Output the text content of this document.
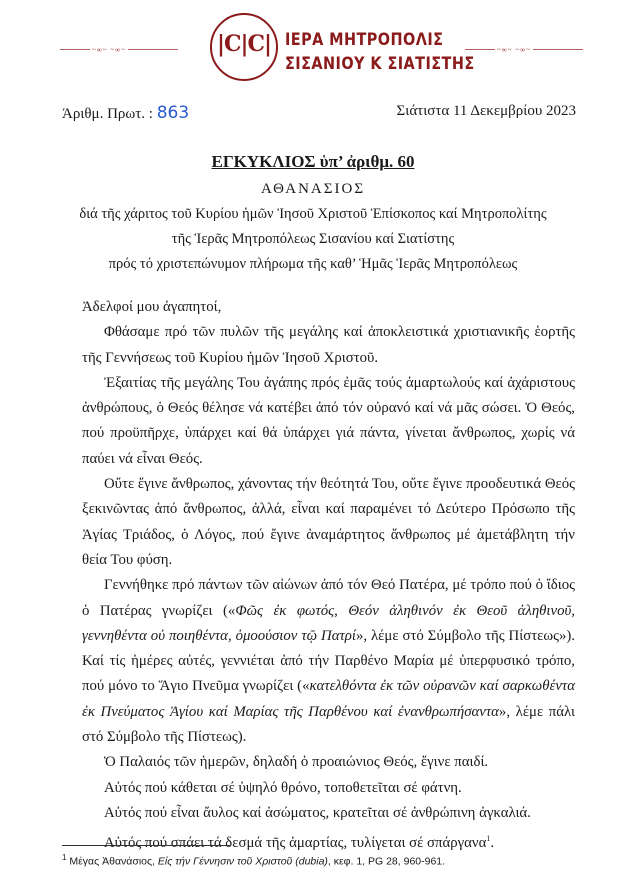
~∞~ ~∞~	~∞~ ~∞~
|C|C| ΙΕΡΑ ΜΗΤΡΟΠΟΛΙΣ
ΣΙΣΑΝΙΟΥ Κ ΣΙΑΤΙΣΤΗΣ
Άριθμ. Πρωτ. : 863	Σιάτιστα 11 Δεκεμβρίου 2023
ΕΓΚΥΚΛΙΟΣ ὑπ’ ἀριθμ. 60
ΑΘΑΝΑΣΙΟΣ
διά τῆς χάριτος τοῦ Κυρίου ἡμῶν Ἰησοῦ Χριστοῦ Ἐπίσκοπος καί Μητροπολίτης
τῆς Ἱερᾶς Μητροπόλεως Σισανίου καί Σιατίστης
πρός τό χριστεπώνυμον πλήρωμα τῆς καθ’ Ἡμᾶς Ἱερᾶς Μητροπόλεως

Ἀδελφοί μου ἀγαπητοί,

Φθάσαμε πρό τῶν πυλῶν τῆς μεγάλης καί ἀποκλειστικά χριστιανικῆς ἑορτῆς τῆς Γεννήσεως τοῦ Κυρίου ἡμῶν Ἰησοῦ Χριστοῦ.

Ἐξαιτίας τῆς μεγάλης Του ἀγάπης πρός ἐμᾶς τούς ἁμαρτωλούς καί ἀχάριστους ἀνθρώπους, ὁ Θεός θέλησε νά κατέβει ἀπό τόν οὐρανό καί νά μᾶς σώσει. Ὁ Θεός, πού προϋπῆρχε, ὑπάρχει καί θά ὑπάρχει γιά πάντα, γίνεται ἄνθρωπος, χωρίς νά παύει νά εἶναι Θεός.

Οὔτε ἔγινε ἄνθρωπος, χάνοντας τήν θεότητά Του, οὔτε ἔγινε προοδευτικά Θεός ξεκινῶντας ἀπό ἄνθρωπος, ἀλλά, εἶναι καί παραμένει τό Δεύτερο Πρόσωπο τῆς Ἁγίας Τριάδος, ὁ Λόγος, πού ἔγινε ἀναμάρτητος ἄνθρωπος μέ ἀμετάβλητη τήν θεία Του φύση.

Γεννήθηκε πρό πάντων τῶν αἰώνων ἀπό τόν Θεό Πατέρα, μέ τρόπο πού ὁ ἴδιος ὁ Πατέρας γνωρίζει («Φῶς ἐκ φωτός, Θεόν ἀληθινόν ἐκ Θεοῦ ἀληθινοῦ, γεννηθέντα οὐ ποιηθέντα, ὁμοούσιον τῷ Πατρί», λέμε στό Σύμβολο τῆς Πίστεως»). Καί τίς ἡμέρες αὐτές, γεννιέται ἀπό τήν Παρθένο Μαρία μέ ὑπερφυσικό τρόπο, πού μόνο το Ἅγιο Πνεῦμα γνωρίζει («κατελθόντα ἐκ τῶν οὐρανῶν καί σαρκωθέντα ἐκ Πνεύματος Ἁγίου καί Μαρίας τῆς Παρθένου καί ἐνανθρωπήσαντα», λέμε πάλι στό Σύμβολο τῆς Πίστεως).

Ὁ Παλαιός τῶν ἡμερῶν, δηλαδή ὁ προαιώνιος Θεός, ἔγινε παιδί.

Αὐτός πού κάθεται σέ ὑψηλό θρόνο, τοποθετεῖται σέ φάτνη.

Αὐτός πού εἶναι ἄυλος καί ἀσώματος, κρατεῖται σέ ἀνθρώπινη ἀγκαλιά.

Αὐτός πού σπάει τά δεσμά τῆς ἁμαρτίας, τυλίγεται σέ σπάργανα$^1$.

$^1$ Μέγας Ἀθανάσιος, Εἰς τήν Γέννησιν τοῦ Χριστοῦ (dubia), κεφ. 1, PG 28, 960-961.
